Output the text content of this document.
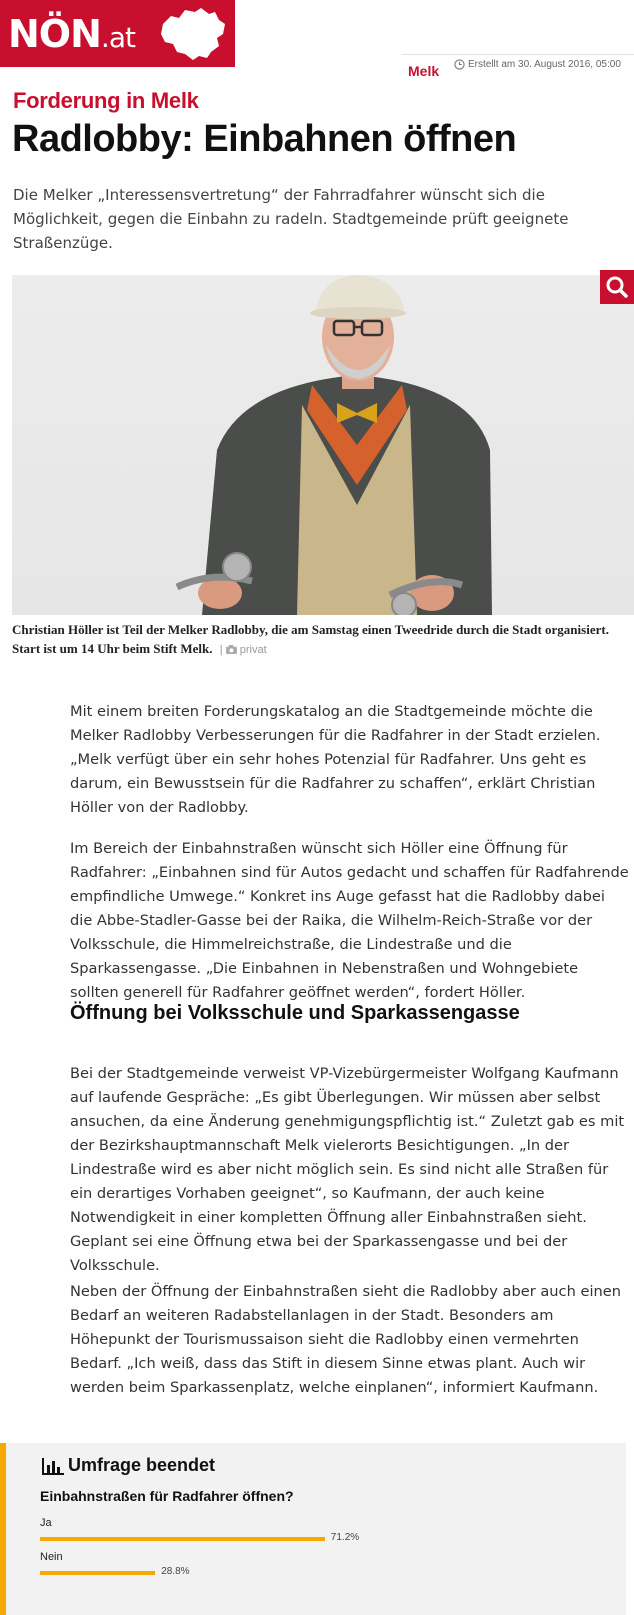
NÖN.at
Melk	Erstellt am 30. August 2016, 05:00
Forderung in Melk
Radlobby: Einbahnen öffnen

Die Melker „Interessensvertretung“ der Fahrradfahrer wünscht sich die Möglichkeit, gegen die Einbahn zu radeln. Stadtgemeinde prüft geeignete Straßenzüge.

Christian Höller ist Teil der Melker Radlobby, die am Samstag einen Tweedride durch die Stadt organisiert. Start ist um 14 Uhr beim Stift Melk. |  privat

Mit einem breiten Forderungskatalog an die Stadtgemeinde möchte die Melker Radlobby Verbesserungen für die Radfahrer in der Stadt erzielen. „Melk verfügt über ein sehr hohes Potenzial für Radfahrer. Uns geht es darum, ein Bewusstsein für die Radfahrer zu schaffen“, erklärt Christian Höller von der Radlobby.

Im Bereich der Einbahnstraßen wünscht sich Höller eine Öffnung für Radfahrer: „Einbahnen sind für Autos gedacht und schaffen für Radfahrende empfindliche Umwege.“ Konkret ins Auge gefasst hat die Radlobby dabei die Abbe-Stadler-Gasse bei der Raika, die Wilhelm-Reich-Straße vor der Volksschule, die Himmelreichstraße, die Lindestraße und die Sparkassengasse. „Die Einbahnen in Nebenstraßen und Wohngebiete sollten generell für Radfahrer geöffnet werden“, fordert Höller.

Öffnung bei Volksschule und Sparkassengasse

Bei der Stadtgemeinde verweist VP-Vizebürgermeister Wolfgang Kaufmann auf laufende Gespräche: „Es gibt Überlegungen. Wir müssen aber selbst ansuchen, da eine Änderung genehmigungspflichtig ist.“ Zuletzt gab es mit der Bezirkshauptmannschaft Melk vielerorts Besichtigungen. „In der Lindestraße wird es aber nicht möglich sein. Es sind nicht alle Straßen für ein derartiges Vorhaben geeignet“, so Kaufmann, der auch keine Notwendigkeit in einer kompletten Öffnung aller Einbahnstraßen sieht. Geplant sei eine Öffnung etwa bei der Sparkassengasse und bei der Volksschule.

Neben der Öffnung der Einbahnstraßen sieht die Radlobby aber auch einen Bedarf an weiteren Radabstellanlagen in der Stadt. Besonders am Höhepunkt der Tourismussaison sieht die Radlobby einen vermehrten Bedarf. „Ich weiß, dass das Stift in diesem Sinne etwas plant. Auch wir werden beim Sparkassenplatz, welche einplanen“, informiert Kaufmann.

Umfrage beendet
Einbahnstraßen für Radfahrer öffnen?
Ja
71.2%
Nein
28.8%
